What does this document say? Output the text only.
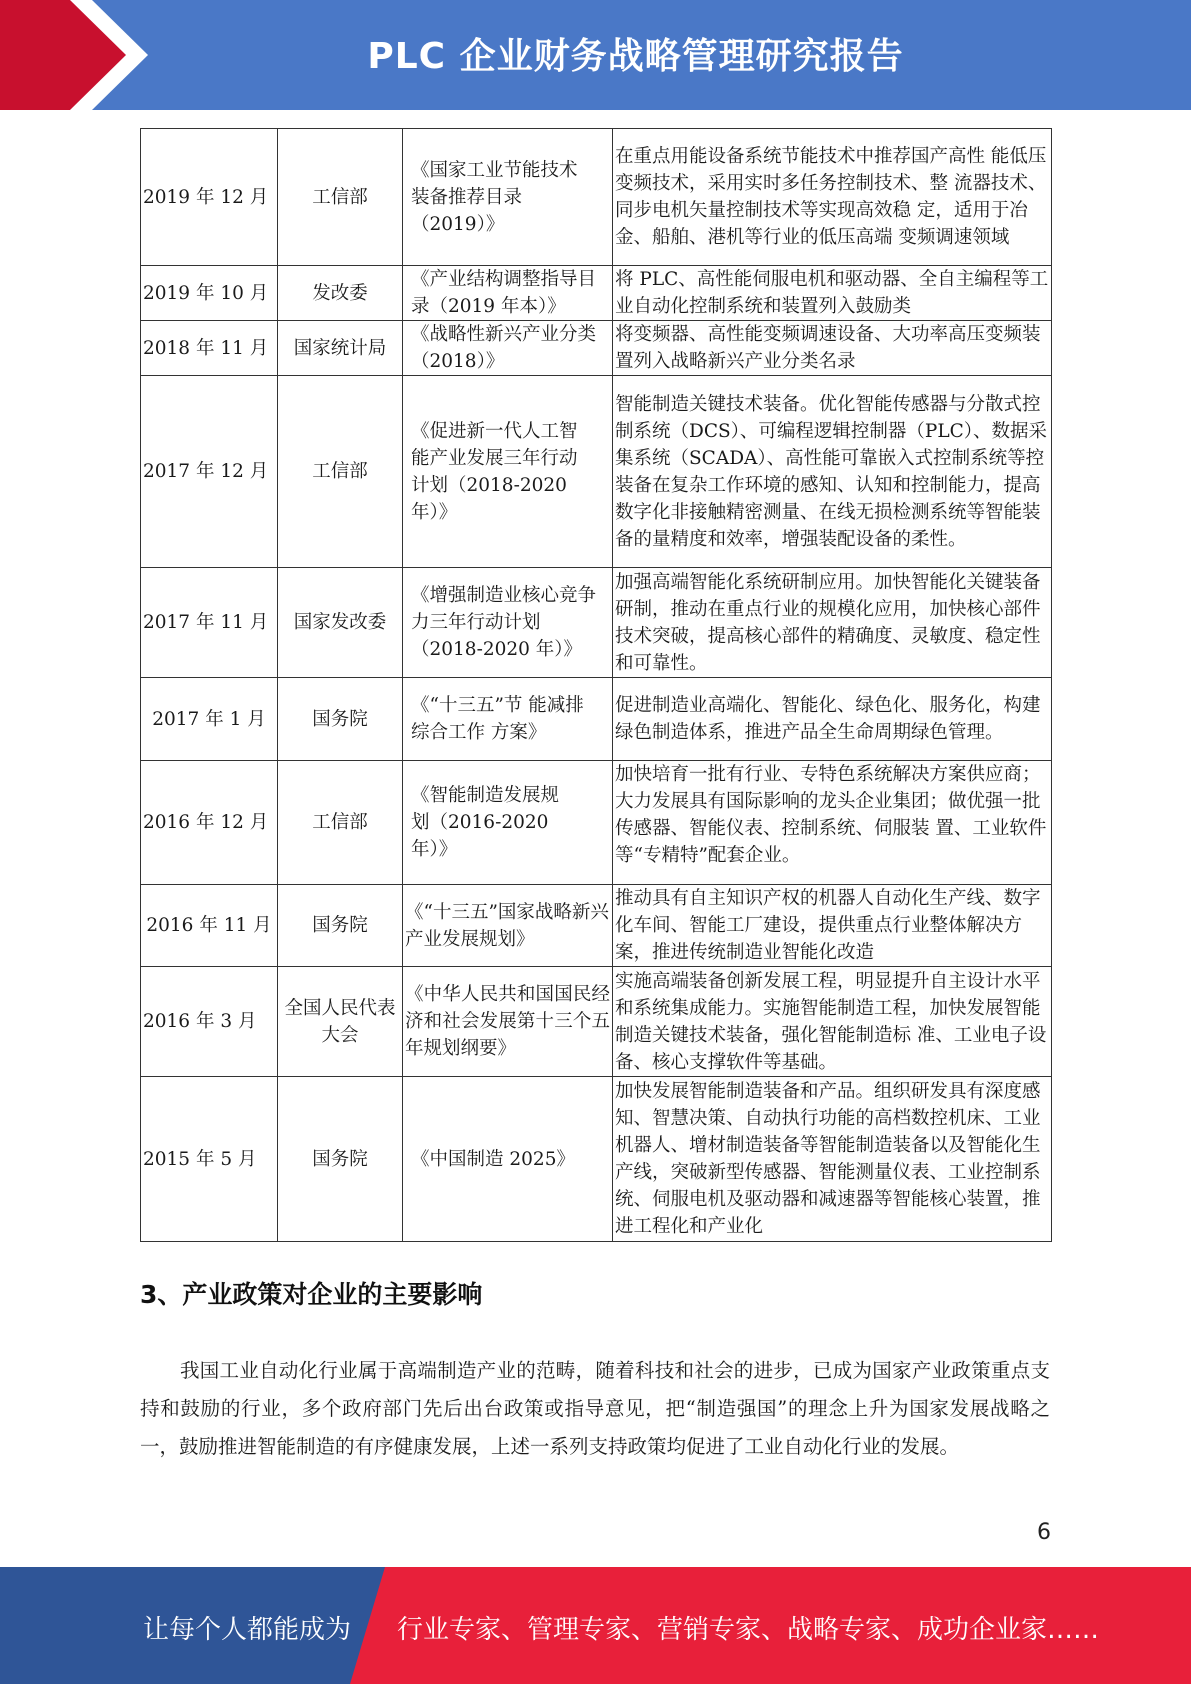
PLC 企业财务战略管理研究报告
2019 年 12 月	工信部	《国家工业节能技术装备推荐目录（2019）》	在重点用能设备系统节能技术中推荐国产高性 能低压变频技术，采用实时多任务控制技术、整 流器技术、同步电机矢量控制技术等实现高效稳 定，适用于冶金、船舶、港机等行业的低压高端 变频调速领域
2019 年 10 月	发改委	《产业结构调整指导目录（2019 年本）》	将 PLC、高性能伺服电机和驱动器、全自主编程等工业自动化控制系统和装置列入鼓励类
2018 年 11 月	国家统计局	《战略性新兴产业分类（2018）》	将变频器、高性能变频调速设备、大功率高压变频装置列入战略新兴产业分类名录
2017 年 12 月	工信部	《促进新一代人工智能产业发展三年行动计划（2018-2020 年）》	智能制造关键技术装备。优化智能传感器与分散式控制系统（DCS）、可编程逻辑控制器（PLC）、数据采集系统（SCADA）、高性能可靠嵌入式控制系统等控装备在复杂工作环境的感知、认知和控制能力，提高数字化非接触精密测量、在线无损检测系统等智能装备的量精度和效率，增强装配设备的柔性。
2017 年 11 月	国家发改委	《增强制造业核心竞争力三年行动计划（2018-2020 年）》	加强高端智能化系统研制应用。加快智能化关键装备研制，推动在重点行业的规模化应用，加快核心部件技术突破，提高核心部件的精确度、灵敏度、稳定性和可靠性。
2017 年 1 月	国务院	《“十三五”节 能减排综合工作 方案》	促进制造业高端化、智能化、绿色化、服务化，构建绿色制造体系，推进产品全生命周期绿色管理。
2016 年 12 月	工信部	《智能制造发展规划（2016-2020 年）》	加快培育一批有行业、专特色系统解决方案供应商；大力发展具有国际影响的龙头企业集团；做优强一批传感器、智能仪表、控制系统、伺服装 置、工业软件等“专精特”配套企业。
2016 年 11 月	国务院	《“十三五”国家战略新兴产业发展规划》	推动具有自主知识产权的机器人自动化生产线、数字化车间、智能工厂建设，提供重点行业整体解决方案，推进传统制造业智能化改造
2016 年 3 月	全国人民代表大会	《中华人民共和国国民经济和社会发展第十三个五年规划纲要》	实施高端装备创新发展工程，明显提升自主设计水平和系统集成能力。实施智能制造工程，加快发展智能制造关键技术装备，强化智能制造标 准、工业电子设备、核心支撑软件等基础。
2015 年 5 月	国务院	《中国制造 2025》	加快发展智能制造装备和产品。组织研发具有深度感知、智慧决策、自动执行功能的高档数控机床、工业机器人、增材制造装备等智能制造装备以及智能化生产线，突破新型传感器、智能测量仪表、工业控制系统、伺服电机及驱动器和减速器等智能核心装置，推进工程化和产业化
3、产业政策对企业的主要影响
我国工业自动化行业属于高端制造产业的范畴，随着科技和社会的进步，已成为国家产业政策重点支持和鼓励的行业，多个政府部门先后出台政策或指导意见，把“制造强国”的理念上升为国家发展战略之一，鼓励推进智能制造的有序健康发展，上述一系列支持政策均促进了工业自动化行业的发展。
6
让每个人都能成为 行业专家、管理专家、营销专家、战略专家、成功企业家……
